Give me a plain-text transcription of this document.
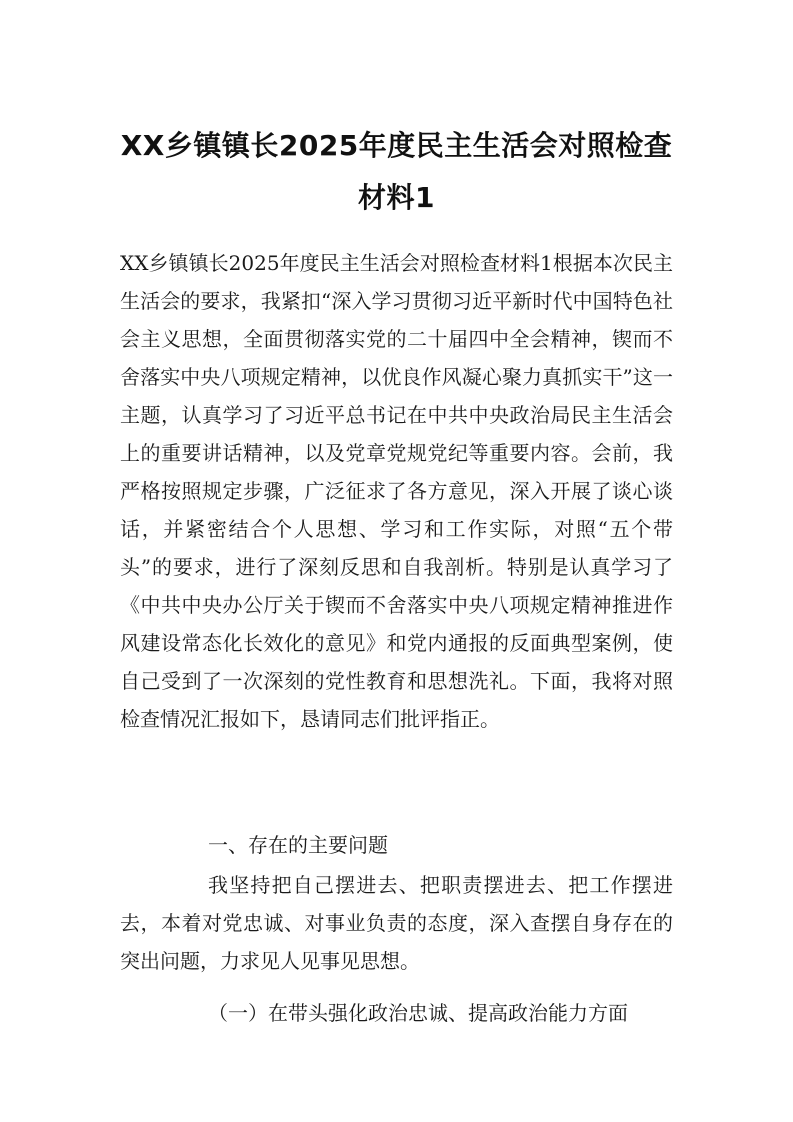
XX乡镇镇长2025年度民主生活会对照检查材料1

XX乡镇镇长2025年度民主生活会对照检查材料1根据本次民主生活会的要求，我紧扣“深入学习贯彻习近平新时代中国特色社会主义思想，全面贯彻落实党的二十届四中全会精神，锲而不舍落实中央八项规定精神，以优良作风凝心聚力真抓实干”这一主题，认真学习了习近平总书记在中共中央政治局民主生活会上的重要讲话精神，以及党章党规党纪等重要内容。会前，我严格按照规定步骤，广泛征求了各方意见，深入开展了谈心谈话，并紧密结合个人思想、学习和工作实际，对照“五个带头”的要求，进行了深刻反思和自我剖析。特别是认真学习了《中共中央办公厅关于锲而不舍落实中央八项规定精神推进作风建设常态化长效化的意见》和党内通报的反面典型案例，使自己受到了一次深刻的党性教育和思想洗礼。下面，我将对照检查情况汇报如下，恳请同志们批评指正。

一、存在的主要问题

我坚持把自己摆进去、把职责摆进去、把工作摆进去，本着对党忠诚、对事业负责的态度，深入查摆自身存在的突出问题，力求见人见事见思想。

（一）在带头强化政治忠诚、提高政治能力方面
